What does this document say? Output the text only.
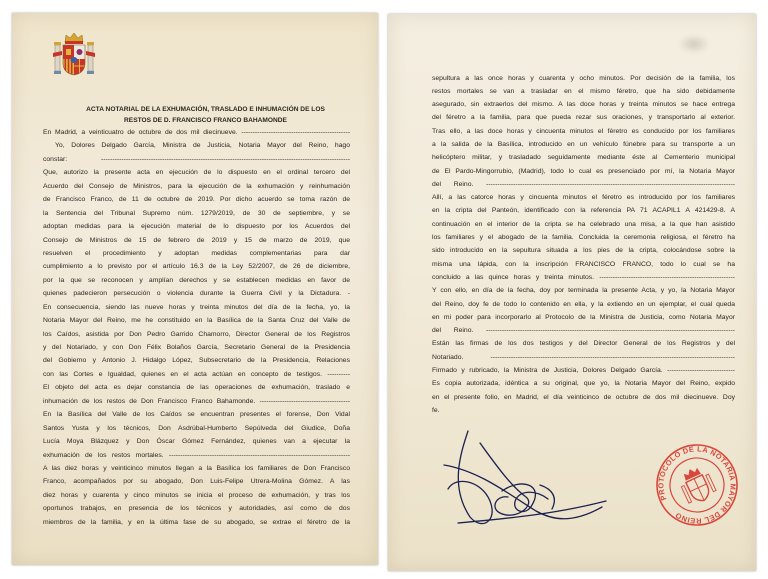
ACTA NOTARIAL DE LA EXHUMACIÓN, TRASLADO E INHUMACIÓN DE LOS
RESTOS DE D. FRANCISCO FRANCO BAHAMONDE
En Madrid, a veinticuatro de octubre de dos mil diecinueve. ------------------------------------------------
Yo, Dolores Delgado García, Ministra de Justicia, Notaria Mayor del Reino, hago
constar: --------------------------------------------------------------------------------------------------------------
Que, autorizo la presente acta en ejecución de lo dispuesto en el ordinal tercero del
Acuerdo del Consejo de Ministros, para la ejecución de la exhumación y reinhumación
de Francisco Franco, de 11 de octubre de 2019. Por dicho acuerdo se toma razón de
la Sentencia del Tribunal Supremo núm. 1279/2019, de 30 de septiembre, y se
adoptan medidas para la ejecución material de lo dispuesto por los Acuerdos del
Consejo de Ministros de 15 de febrero de 2019 y 15 de marzo de 2019, que
resuelven el procedimiento y adoptan medidas complementarias para dar
cumplimiento a lo previsto por el artículo 16.3 de la Ley 52/2007, de 26 de diciembre,
por la que se reconocen y amplían derechos y se establecen medidas en favor de
quienes padecieron persecución o violencia durante la Guerra Civil y la Dictadura. -
En consecuencia, siendo las nueve horas y treinta minutos del día de la fecha, yo, la
Notaria Mayor del Reino, me he constituido en la Basílica de la Santa Cruz del Valle de
los Caídos, asistida por Don Pedro Garrido Chamorro, Director General de los Registros
y del Notariado, y con Don Félix Bolaños García, Secretario General de la Presidencia
del Gobierno y Antonio J. Hidalgo López, Subsecretario de la Presidencia, Relaciones
con las Cortes e Igualdad, quienes en el acta actúan en concepto de testigos. ----------
El objeto del acta es dejar constancia de las operaciones de exhumación, traslado e
inhumación de los restos de Don Francisco Franco Bahamonde. ----------------------------------------
En la Basílica del Valle de los Caídos se encuentran presentes el forense, Don Vidal
Santos Yusta y los técnicos, Don Asdrúbal-Humberto Sepúlveda del Giudice, Doña
Lucía Moya Blázquez y Don Óscar Gómez Fernández, quienes van a ejecutar la
exhumación de los restos mortales. --------------------------------------------------------------------------------
A las diez horas y veinticinco minutos llegan a la Basílica los familiares de Don Francisco
Franco, acompañados por su abogado, Don Luis-Felipe Utrera-Molina Gómez. A las
diez horas y cuarenta y cinco minutos se inicia el proceso de exhumación, y tras los
oportunos trabajos, en presencia de los técnicos y autoridades, así como de dos
miembros de la familia, y en la última fase de su abogado, se extrae el féretro de la
sepultura a las once horas y cuarenta y ocho minutos. Por decisión de la familia, los
restos mortales se van a trasladar en el mismo féretro, que ha sido debidamente
asegurado, sin extraerlos del mismo. A las doce horas y treinta minutos se hace entrega
del féretro a la familia, para que pueda rezar sus oraciones, y transportarlo al exterior.
Tras ello, a las doce horas y cincuenta minutos el féretro es conducido por los familiares
a la salida de la Basílica, introducido en un vehículo fúnebre para su transporte a un
helicóptero militar, y trasladado seguidamente mediante éste al Cementerio municipal
de El Pardo-Mingorrubio, (Madrid), todo lo cual es presenciado por mí, la Notaria Mayor
del Reino. --------------------------------------------------------------------------------------------------------------
Allí, a las catorce horas y cincuenta minutos el féretro es introducido por los familiares
en la cripta del Panteón, identificado con la referencia PA 71 ACAPIL1 A 421429-8. A
continuación en el interior de la cripta se ha celebrado una misa, a la que han asistido
los familiares y el abogado de la familia. Concluida la ceremonia religiosa, el féretro ha
sido introducido en la sepultura situada a los pies de la cripta, colocándose sobre la
misma una lápida, con la inscripción FRANCISCO FRANCO, todo lo cual se ha
concluido a las quince horas y treinta minutos. ------------------------------------------------------------
Y con ello, en día de la fecha, doy por terminada la presente Acta, y yo, la Notaria Mayor
del Reino, doy fe de todo lo contenido en ella, y la extiendo en un ejemplar, el cual queda
en mi poder para incorporarlo al Protocolo de la Ministra de Justicia, como Notaria Mayor
del Reino. --------------------------------------------------------------------------------------------------------------
Están las firmas de los dos testigos y del Director General de los Registros y del
Notariado. ------------------------------------------------------------------------------------------------------------
Firmado y rubricado, la Ministra de Justicia, Dolores Delgado García. ------------------------------
Es copia autorizada, idéntica a su original, que yo, la Notaria Mayor del Reino, expido
en el presente folio, en Madrid, el día veinticinco de octubre de dos mil diecinueve. Doy
fe.
PROTOCOLO DE LA NOTARIA MAYOR DEL REINO
